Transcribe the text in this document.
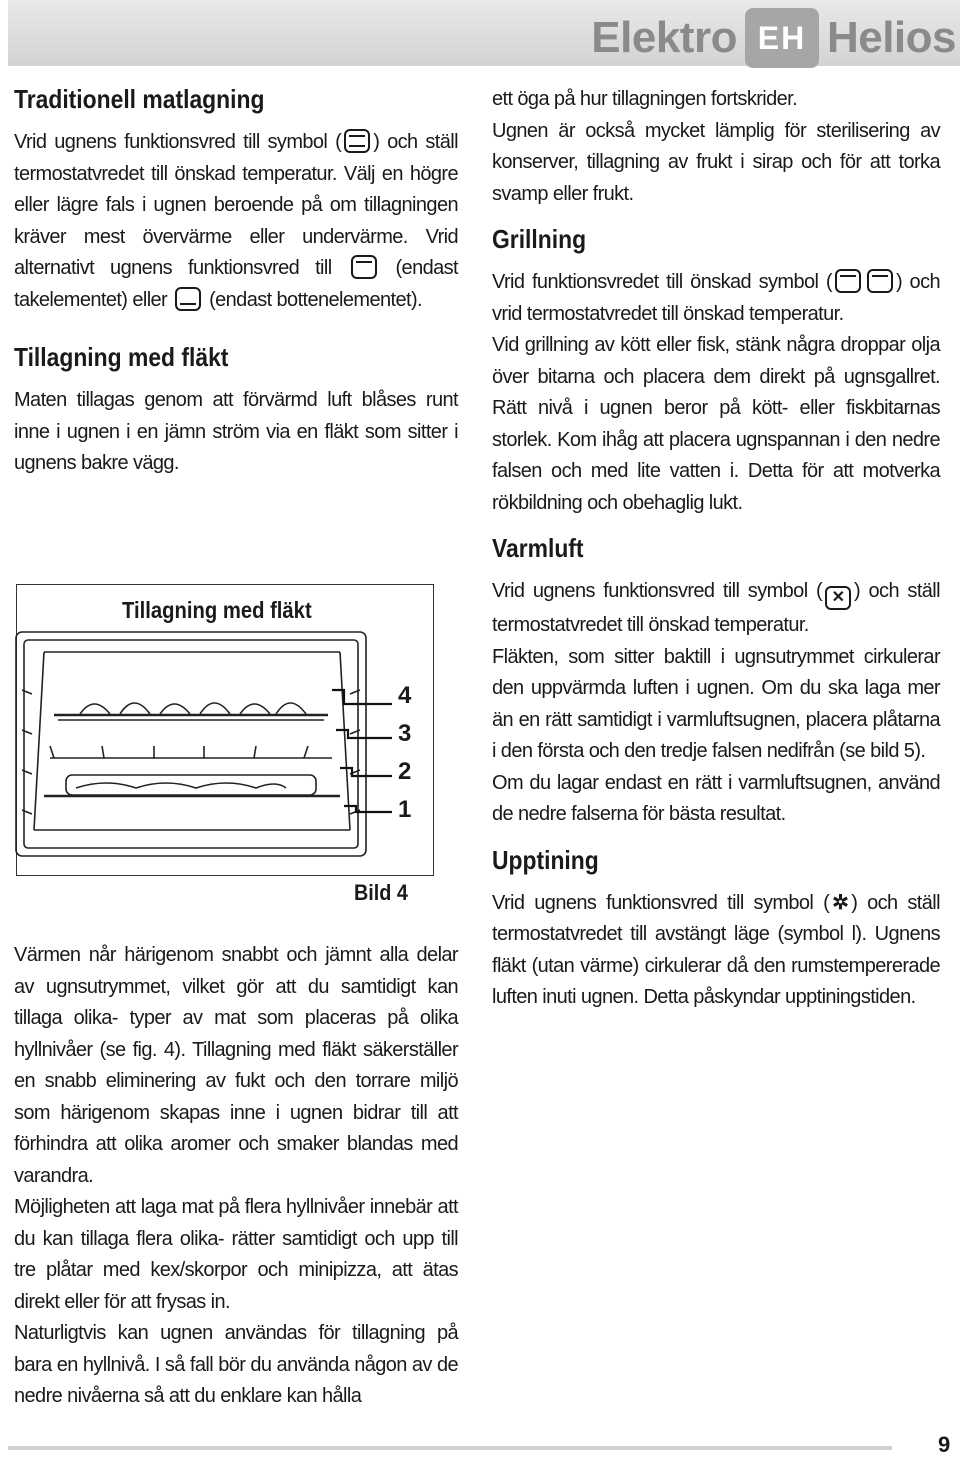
Elektro EH Helios
Traditionell matlagning

Vrid ugnens funktionsvred till symbol ( ) och ställ termostatvredet till önskad temperatur. Välj en högre eller lägre fals i ugnen beroende på om tillagningen kräver mest övervärme eller undervärme. Vrid alternativt ugnens funktionsvred till	(endast takelementet) eller (endast bottenelementet).

Tillagning med fläkt

Maten tillagas genom att förvärmd luft blåses runt inne i ugnen i en jämn ström via en fläkt som sitter i ugnens bakre vägg.

Tillagning med fläkt
4
3
2
1
Bild 4

Värmen når härigenom snabbt och jämnt alla delar av ugnsutrymmet, vilket gör att du samtidigt kan tillaga olika- typer av mat som placeras på olika hyllnivåer (se fig. 4). Tillagning med fläkt säkerställer en snabb eliminering av fukt och den torrare miljö som härigenom skapas inne i ugnen bidrar till att förhindra att olika aromer och smaker blandas med varandra.

Möjligheten att laga mat på flera hyllnivåer innebär att du kan tillaga flera olika- rätter samtidigt och upp till tre plåtar med kex/skorpor och minipizza, att ätas direkt eller för att frysas in.

Naturligtvis kan ugnen användas för tillagning på bara en hyllnivå. I så fall bör du använda någon av de nedre nivåerna så att du enklare kan hålla

ett öga på hur tillagningen fortskrider.

Ugnen är också mycket lämplig för sterilisering av konserver, tillagning av frukt i sirap och för att torka svamp eller frukt.

Grillning

Vrid funktionsvredet till önskad symbol (	) och vrid termostatvredet till önskad temperatur.

Vid grillning av kött eller fisk, stänk några droppar olja över bitarna och placera dem direkt på ugnsgallret. Rätt nivå i ugnen beror på kött- eller fiskbitarnas storlek. Kom ihåg att placera ugnspannan i den nedre falsen och med lite vatten i. Detta för att motverka rökbildning och obehaglig lukt.

Varmluft

Vrid ugnens funktionsvred till symbol ( ✕ ) och ställ termostatvredet till önskad temperatur.

Fläkten, som sitter baktill i ugnsutrymmet cirkulerar den uppvärmda luften i ugnen. Om du ska laga mer än en rätt samtidigt i varmluftsugnen, placera plåtarna i den första och den tredje falsen nedifrån (se bild 5).

Om du lagar endast en rätt i varmluftsugnen, använd de nedre falserna för bästa resultat.

Upptining

Vrid ugnens funktionsvred till symbol ( ✲ ) och ställ termostatvredet till avstängt läge (symbol l). Ugnens fläkt (utan värme) cirkulerar då den rumstempererade luften inuti ugnen. Detta påskyndar upptiningstiden.

9
